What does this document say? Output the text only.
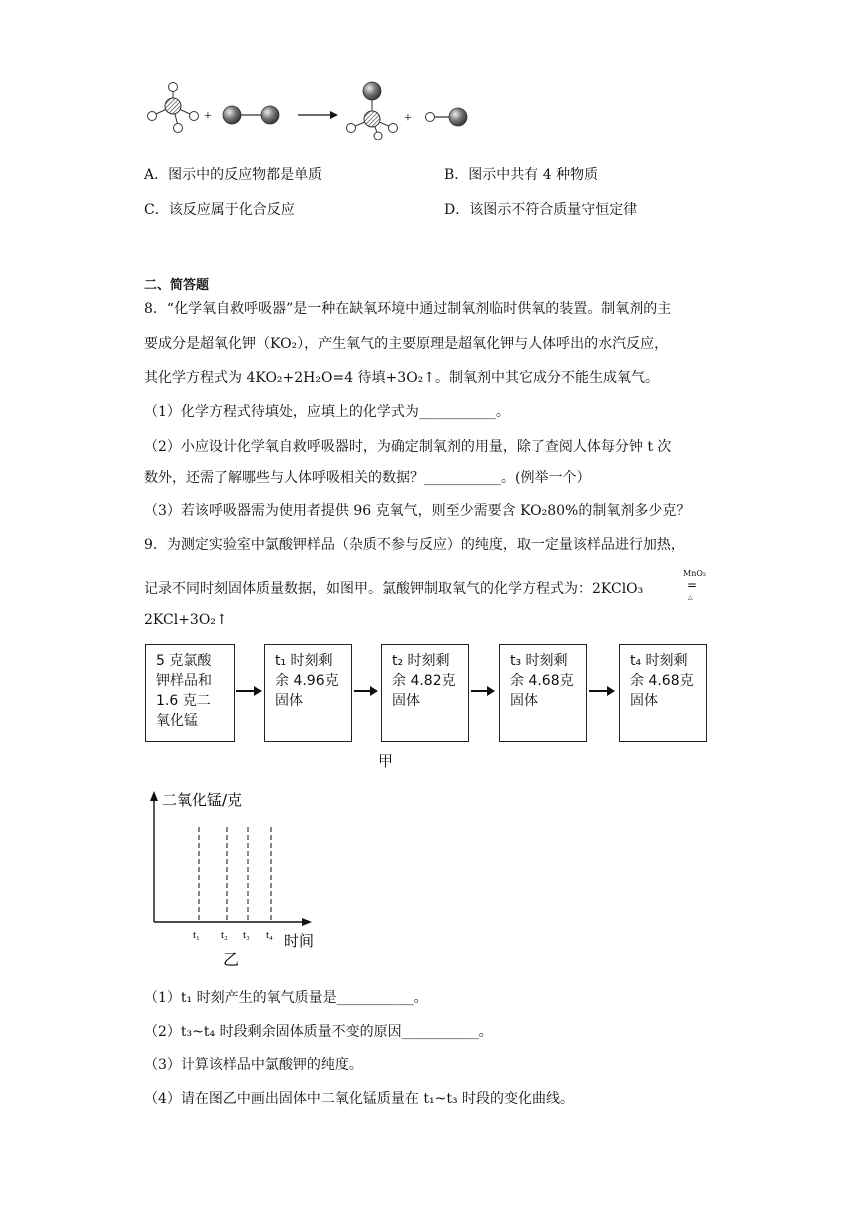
+	+
A．图示中的反应物都是单质	B．图示中共有 4 种物质
C．该反应属于化合反应	D．该图示不符合质量守恒定律
二、简答题
8．“化学氧自救呼吸器”是一种在缺氧环境中通过制氧剂临时供氧的装置。制氧剂的主
要成分是超氧化钾（KO₂），产生氧气的主要原理是超氧化钾与人体呼出的水汽反应，
其化学方程式为 4KO₂+2H₂O=4 待填+3O₂↑。制氧剂中其它成分不能生成氧气。
（1）化学方程式待填处，应填上的化学式为___________。
（2）小应设计化学氧自救呼吸器时，为确定制氧剂的用量，除了查阅人体每分钟 t 次
数外，还需了解哪些与人体呼吸相关的数据？___________。(例举一个）
（3）若该呼吸器需为使用者提供 96 克氧气，则至少需要含 KO₂80%的制氧剂多少克？
9．为测定实验室中氯酸钾样品（杂质不参与反应）的纯度，取一定量该样品进行加热，
记录不同时刻固体质量数据，如图甲。氯酸钾制取氧气的化学方程式为：2KClO₃
MnO₂
=
△
2KCl+3O₂↑
5 克氯酸
钾样品和
1.6 克二
氧化锰
t₁ 时刻剩
余 4.96克
固体
t₂ 时刻剩
余 4.82克
固体
t₃ 时刻剩
余 4.68克
固体
t₄ 时刻剩
余 4.68克
固体
甲
二氧化锰/克
t₁ t₂ t₃ t₄ 时间
乙
（1）t₁ 时刻产生的氧气质量是___________。
（2）t₃~t₄ 时段剩余固体质量不变的原因___________。
（3）计算该样品中氯酸钾的纯度。
（4）请在图乙中画出固体中二氧化锰质量在 t₁~t₃ 时段的变化曲线。
